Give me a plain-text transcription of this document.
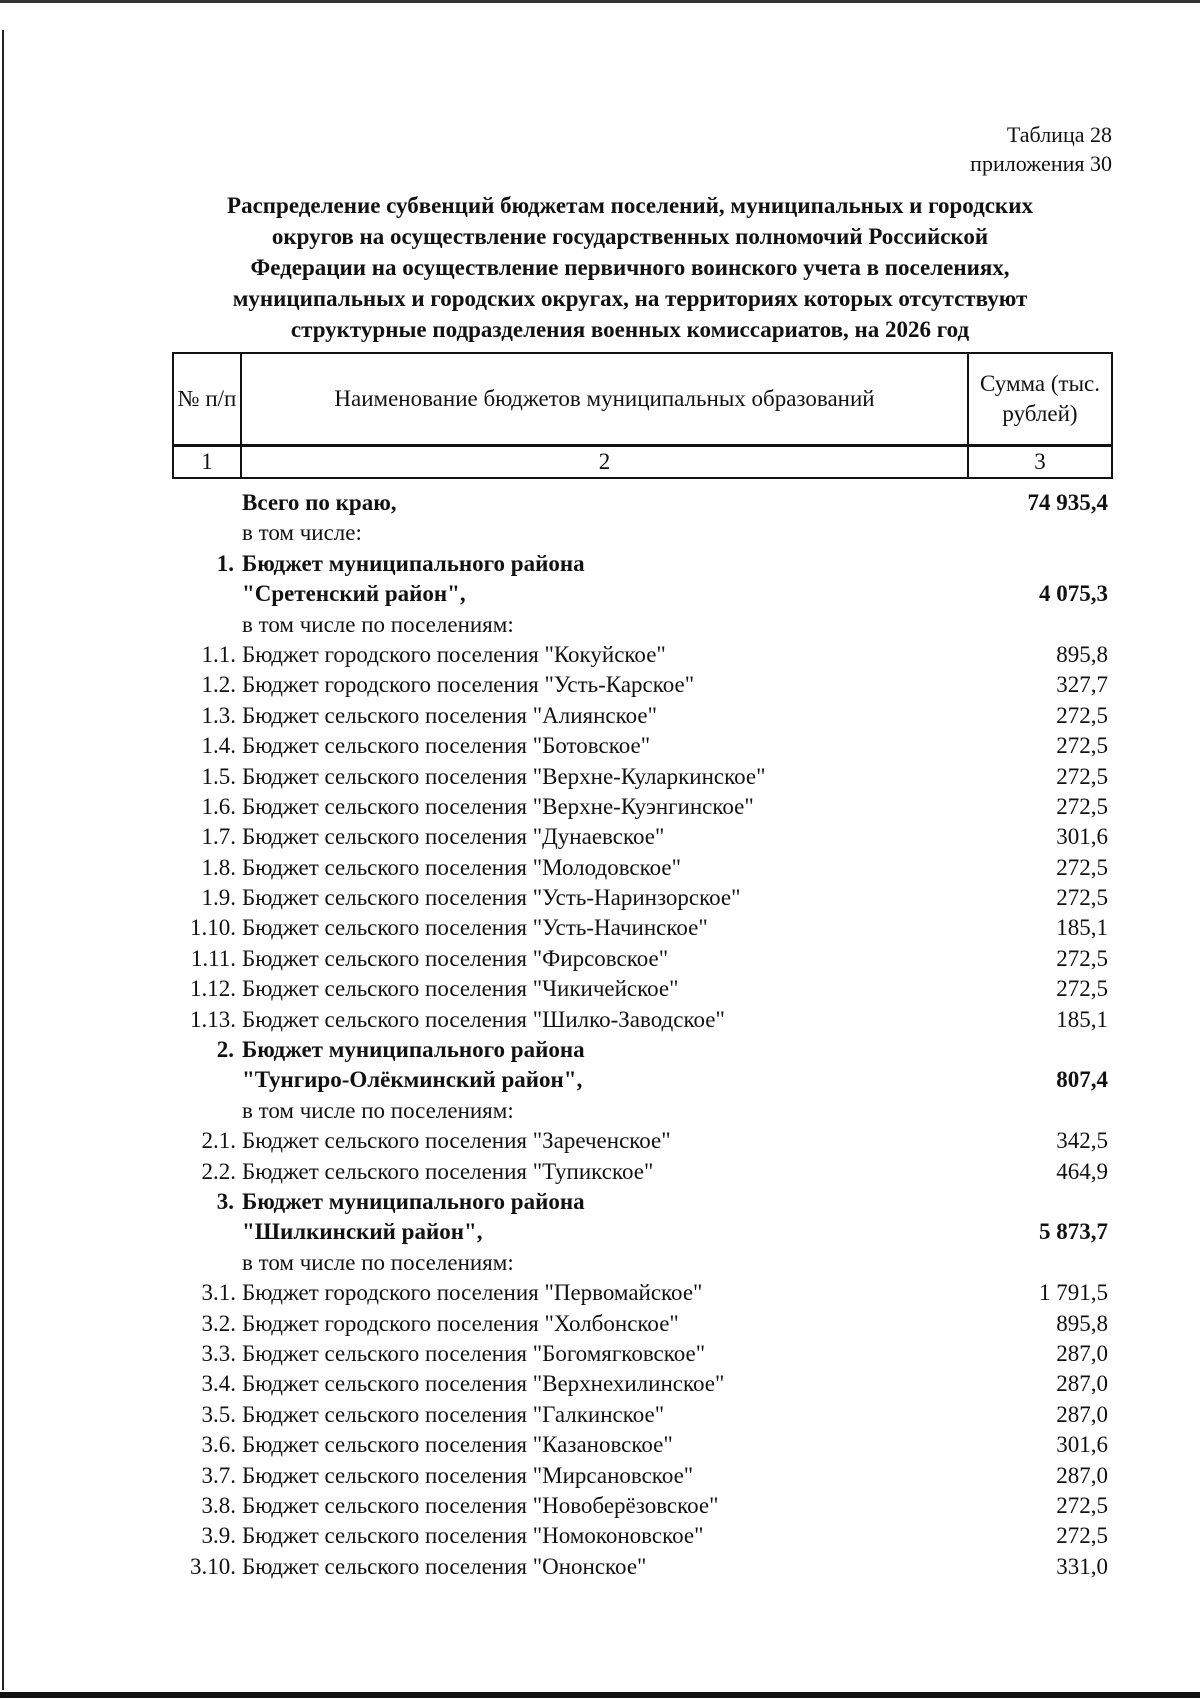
Таблица 28
приложения 30
Распределение субвенций бюджетам поселений, муниципальных и городских
округов на осуществление государственных полномочий Российской
Федерации на осуществление первичного воинского учета в поселениях,
муниципальных и городских округах, на территориях которых отсутствуют
структурные подразделения военных комиссариатов, на 2026 год
№ п/п	Наименование бюджетов муниципальных образований	Сумма (тыс. рублей)
1	2	3
Всего по краю,	74 935,4
в том числе:
1. Бюджет муниципального района
"Сретенский район",	4 075,3
в том числе по поселениям:
1.1. Бюджет городского поселения "Кокуйское"	895,8
1.2. Бюджет городского поселения "Усть-Карское"	327,7
1.3. Бюджет сельского поселения "Алиянское"	272,5
1.4. Бюджет сельского поселения "Ботовское"	272,5
1.5. Бюджет сельского поселения "Верхне-Куларкинское"	272,5
1.6. Бюджет сельского поселения "Верхне-Куэнгинское"	272,5
1.7. Бюджет сельского поселения "Дунаевское"	301,6
1.8. Бюджет сельского поселения "Молодовское"	272,5
1.9. Бюджет сельского поселения "Усть-Наринзорское"	272,5
1.10. Бюджет сельского поселения "Усть-Начинское"	185,1
1.11. Бюджет сельского поселения "Фирсовское"	272,5
1.12. Бюджет сельского поселения "Чикичейское"	272,5
1.13. Бюджет сельского поселения "Шилко-Заводское"	185,1
2. Бюджет муниципального района
"Тунгиро-Олёкминский район",	807,4
в том числе по поселениям:
2.1. Бюджет сельского поселения "Зареченское"	342,5
2.2. Бюджет сельского поселения "Тупикское"	464,9
3. Бюджет муниципального района
"Шилкинский район",	5 873,7
в том числе по поселениям:
3.1. Бюджет городского поселения "Первомайское"	1 791,5
3.2. Бюджет городского поселения "Холбонское"	895,8
3.3. Бюджет сельского поселения "Богомягковское"	287,0
3.4. Бюджет сельского поселения "Верхнехилинское"	287,0
3.5. Бюджет сельского поселения "Галкинское"	287,0
3.6. Бюджет сельского поселения "Казановское"	301,6
3.7. Бюджет сельского поселения "Мирсановское"	287,0
3.8. Бюджет сельского поселения "Новоберёзовское"	272,5
3.9. Бюджет сельского поселения "Номоконовское"	272,5
3.10. Бюджет сельского поселения "Ононское"	331,0
